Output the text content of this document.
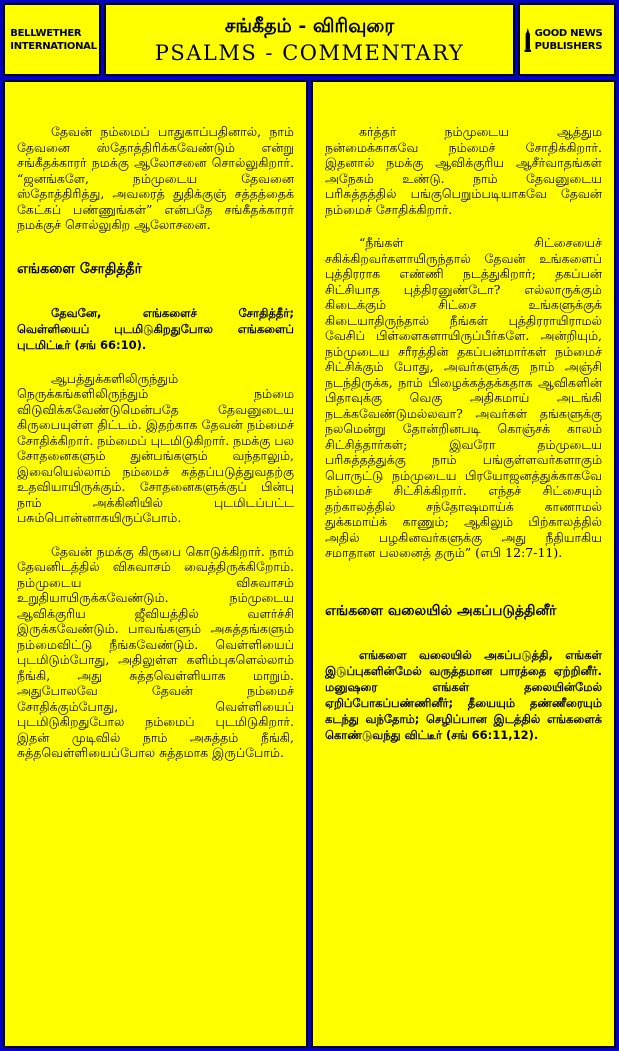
BELLWETHER INTERNATIONAL
சங்கீதம் - விரிவுரை
PSALMS - COMMENTARY
GOOD NEWS PUBLISHERS

தேவன் நம்மைப் பாதுகாப்பதினால், நாம் தேவனை ஸ்தோத்திரிக்கவேண்டும் என்று சங்கீதக்காரர் நமக்கு ஆலோசனை சொல்லுகிறார். “ஜனங்களே, நம்முடைய தேவனை ஸ்தோத்திரித்து, அவரைத் துதிக்குஞ் சத்தத்தைக் கேட்கப் பண்ணுங்கள்” என்பதே சங்கீதக்காரர் நமக்குச் சொல்லுகிற ஆலோசனை.

எங்களை சோதித்தீர்

தேவனே, எங்களைச் சோதித்தீர்; வெள்ளியைப் புடமிடுகிறதுபோல எங்களைப் புடமிட்டீர் (சங் 66:10).

ஆபத்துக்களிலிருந்தும் நெருக்கங்களிலிருந்தும் நம்மை விடுவிக்கவேண்டுமென்பதே தேவனுடைய கிருபையுள்ள திட்டம். இதற்காக தேவன் நம்மைச் சோதிக்கிறார். நம்மைப் புடமிடுகிறார். நமக்கு பல சோதனைகளும் துன்பங்களும் வந்தாலும், இவையெல்லாம் நம்மைச் சுத்தப்படுத்துவதற்கு உதவியாயிருக்கும். சோதனைகளுக்குப் பின்பு நாம் அக்கினியில் புடமிடப்பட்ட பசும்பொன்னாகயிருப்போம்.

தேவன் நமக்கு கிருபை கொடுக்கிறார். நாம் தேவனிடத்தில் விசுவாசம் வைத்திருக்கிறோம். நம்முடைய விசுவாசம் உறுதியாயிருக்கவேண்டும். நம்முடைய ஆவிக்குரிய ஜீவியத்தில் வளர்ச்சி இருக்கவேண்டும். பாவங்களும் அசுத்தங்களும் நம்மைவிட்டு நீங்கவேண்டும். வெள்ளியைப் புடமிடும்போது, அதிலுள்ள களிம்புகளெல்லாம் நீங்கி, அது சுத்தவெள்ளியாக மாறும். அதுபோலவே தேவன் நம்மைச் சோதிக்கும்போது, வெள்ளியைப் புடமிடுகிறதுபோல நம்மைப் புடமிடுகிறார். இதன் முடிவில் நாம் அசுத்தம் நீங்கி, சுத்தவெள்ளியைப்போல சுத்தமாக இருப்போம்.

கர்த்தர் நம்முடைய ஆத்தும நன்மைக்காகவே நம்மைச் சோதிக்கிறார். இதனால் நமக்கு ஆவிக்குரிய ஆசீர்வாதங்கள் அநேகம் உண்டு. நாம் தேவனுடைய பரிசுத்தத்தில் பங்குபெறும்படியாகவே தேவன் நம்மைச் சோதிக்கிறார்.

“நீங்கள் சிட்சையைச் சகிக்கிறவர்களாயிருந்தால் தேவன் உங்களைப் புத்திரராக எண்ணி நடத்துகிறார்; தகப்பன் சிட்சியாத புத்திரனுண்டோ? எல்லாருக்கும் கிடைக்கும் சிட்சை உங்களுக்குக் கிடையாதிருந்தால் நீங்கள் புத்திரராயிராமல் வேசிப் பிள்ளைகளாயிருப்பீர்களே. அன்றியும், நம்முடைய சரீரத்தின் தகப்பன்மார்கள் நம்மைச் சிட்சிக்கும் போது, அவர்களுக்கு நாம் அஞ்சி நடந்திருக்க, நாம் பிழைக்கத்தக்கதாக ஆவிகளின் பிதாவுக்கு வெகு அதிகமாய் அடங்கி நடக்கவேண்டுமல்லவா? அவர்கள் தங்களுக்கு நலமென்று தோன்றினபடி கொஞ்சக் காலம் சிட்சித்தார்கள்; இவரோ தம்முடைய பரிசுத்தத்துக்கு நாம் பங்குள்ளவர்களாகும் பொருட்டு நம்முடைய பிரயோஜனத்துக்காகவே நம்மைச் சிட்சிக்கிறார். எந்தச் சிட்சையும் தற்காலத்தில் சந்தோஷமாய்க் காணாமல் துக்கமாய்க் காணும்; ஆகிலும் பிற்காலத்தில் அதில் பழகினவர்களுக்கு அது நீதியாகிய சமாதான பலனைத் தரும்” (எபி 12:7-11).

எங்களை வலையில் அகப்படுத்தினீர்

எங்களை வலையில் அகப்படுத்தி, எங்கள் இடுப்புகளின்மேல் வருத்தமான பாரத்தை ஏற்றினீர். மனுஷரை எங்கள் தலையின்மேல் ஏறிப்போகப்பண்ணினீர்; தீயையும் தண்ணீரையும் கடந்து வந்தோம்; செழிப்பான இடத்தில் எங்களைக் கொண்டுவந்து விட்டீர் (சங் 66:11,12).
